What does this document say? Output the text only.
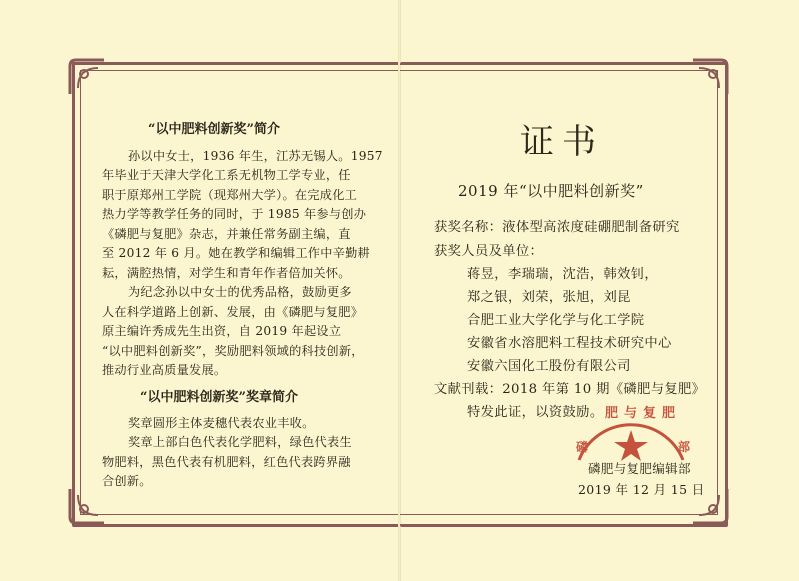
“以中肥料创新奖”简介
孙以中女士，1936 年生，江苏无锡人。1957
年毕业于天津大学化工系无机物工学专业，任
职于原郑州工学院（现郑州大学）。在完成化工
热力学等教学任务的同时，于 1985 年参与创办
《磷肥与复肥》杂志，并兼任常务副主编，直
至 2012 年 6 月。她在教学和编辑工作中辛勤耕
耘，满腔热情，对学生和青年作者倍加关怀。
为纪念孙以中女士的优秀品格，鼓励更多
人在科学道路上创新、发展，由《磷肥与复肥》
原主编许秀成先生出资，自 2019 年起设立
“以中肥料创新奖”，奖励肥料领域的科技创新，
推动行业高质量发展。
“以中肥料创新奖”奖章简介
奖章圆形主体麦穗代表农业丰收。
奖章上部白色代表化学肥料，绿色代表生
物肥料，黑色代表有机肥料，红色代表跨界融
合创新。
证书
2019 年“以中肥料创新奖”
获奖名称：液体型高浓度硅硼肥制备研究
获奖人员及单位：
蒋昱，李瑞瑞，沈浩，韩效钊，
郑之银，刘荣，张旭，刘昆
合肥工业大学化学与化工学院
安徽省水溶肥料工程技术研究中心
安徽六国化工股份有限公司
文献刊载：2018 年第 10 期《磷肥与复肥》
特发此证，以资鼓励。
磷
肥与复肥
部
磷肥与复肥编辑部
2019 年 12 月 15 日
